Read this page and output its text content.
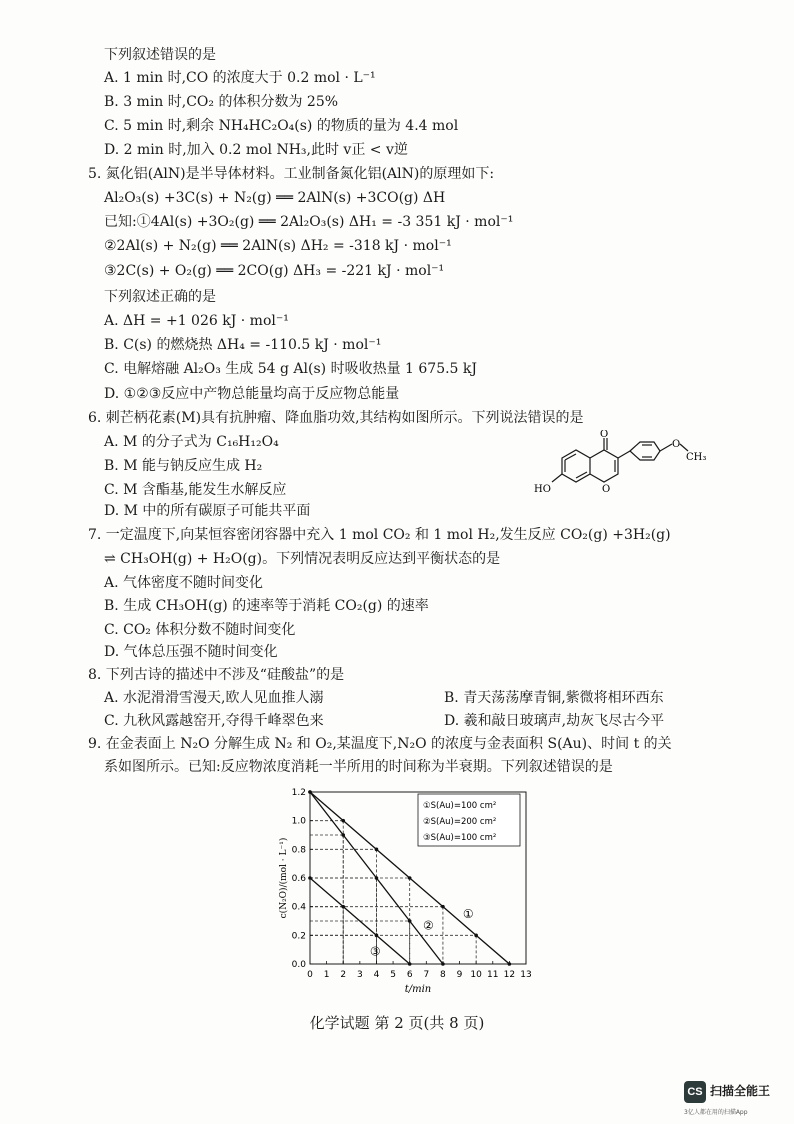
下列叙述错误的是
A. 1 min 时,CO 的浓度大于 0.2 mol · L⁻¹
B. 3 min 时,CO₂ 的体积分数为 25%
C. 5 min 时,剩余 NH₄HC₂O₄(s) 的物质的量为 4.4 mol
D. 2 min 时,加入 0.2 mol NH₃,此时 v正 < v逆
5. 氮化铝(AlN)是半导体材料。工业制备氮化铝(AlN)的原理如下:
Al₂O₃(s) +3C(s) + N₂(g) ══ 2AlN(s) +3CO(g) ΔH
已知:①4Al(s) +3O₂(g) ══ 2Al₂O₃(s) ΔH₁ = -3 351 kJ · mol⁻¹
②2Al(s) + N₂(g) ══ 2AlN(s) ΔH₂ = -318 kJ · mol⁻¹
③2C(s) + O₂(g) ══ 2CO(g) ΔH₃ = -221 kJ · mol⁻¹
下列叙述正确的是
A. ΔH = +1 026 kJ · mol⁻¹
B. C(s) 的燃烧热 ΔH₄ = -110.5 kJ · mol⁻¹
C. 电解熔融 Al₂O₃ 生成 54 g Al(s) 时吸收热量 1 675.5 kJ
D. ①②③反应中产物总能量均高于反应物总能量
6. 刺芒柄花素(M)具有抗肿瘤、降血脂功效,其结构如图所示。下列说法错误的是
A. M 的分子式为 C₁₆H₁₂O₄
B. M 能与钠反应生成 H₂
C. M 含酯基,能发生水解反应
D. M 中的所有碳原子可能共平面
O
O
O
CH₃
HO
7. 一定温度下,向某恒容密闭容器中充入 1 mol CO₂ 和 1 mol H₂,发生反应 CO₂(g) +3H₂(g)
⇌ CH₃OH(g) + H₂O(g)。下列情况表明反应达到平衡状态的是
A. 气体密度不随时间变化
B. 生成 CH₃OH(g) 的速率等于消耗 CO₂(g) 的速率
C. CO₂ 体积分数不随时间变化
D. 气体总压强不随时间变化
8. 下列古诗的描述中不涉及“硅酸盐”的是
A. 水泥滑滑雪漫天,欧人见血推人溺	B. 青天荡荡摩青铜,紫微将相环西东
C. 九秋风露越窑开,夺得千峰翠色来	D. 羲和敲日玻璃声,劫灰飞尽古今平
9. 在金表面上 N₂O 分解生成 N₂ 和 O₂,某温度下,N₂O 的浓度与金表面积 S(Au)、时间 t 的关
系如图所示。已知:反应物浓度消耗一半所用的时间称为半衰期。下列叙述错误的是
①
②
③
0 1 2 3 4 5 6 7 8 9 10 11 12 13
0.0
0.2
0.4
0.6
0.8
1.0
1.2
t/min
c(N₂O)/(mol · L⁻¹)
①S(Au)=100 cm²
②S(Au)=200 cm²
③S(Au)=100 cm²
化学试题 第 2 页(共 8 页)
CS 扫描全能王
3亿人都在用的扫描App
